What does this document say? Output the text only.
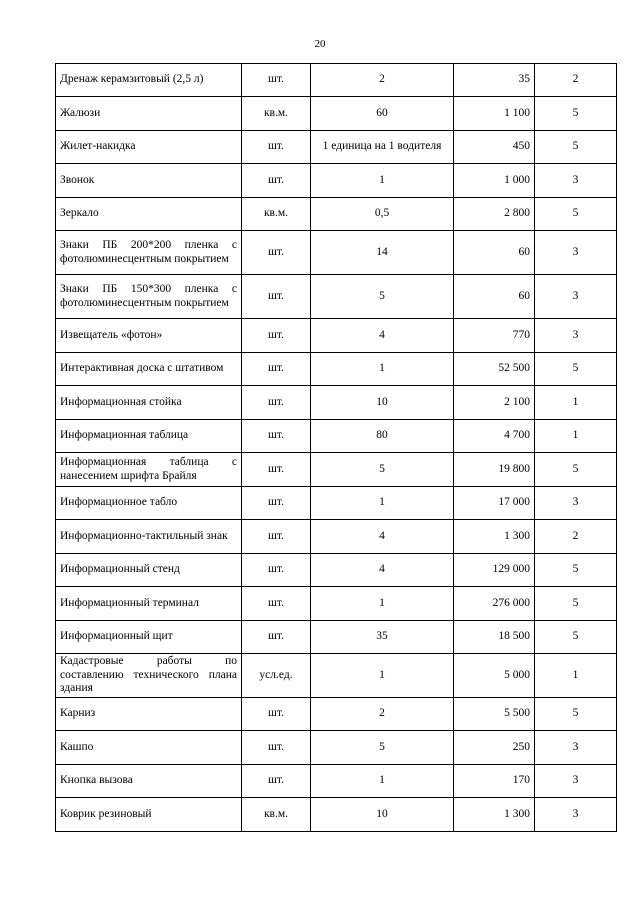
20
Дренаж керамзитовый (2,5 л)	шт.	2	35	2
Жалюзи	кв.м.	60	1 100	5
Жилет-накидка	шт.	1 единица на 1 водителя	450	5
Звонок	шт.	1	1 000	3
Зеркало	кв.м.	0,5	2 800	5
Знаки ПБ 200*200 пленка с фотолюминесцентным покрытием	шт.	14	60	3
Знаки ПБ 150*300 пленка с фотолюминесцентным покрытием	шт.	5	60	3
Извещатель «фотон»	шт.	4	770	3
Интерактивная доска с штативом	шт.	1	52 500	5
Информационная стойка	шт.	10	2 100	1
Информационная таблица	шт.	80	4 700	1
Информационная таблица с нанесением шрифта Брайля	шт.	5	19 800	5
Информационное табло	шт.	1	17 000	3
Информационно-тактильный знак	шт.	4	1 300	2
Информационный стенд	шт.	4	129 000	5
Информационный терминал	шт.	1	276 000	5
Информационный щит	шт.	35	18 500	5
Кадастровые работы по составлению технического плана здания	усл.ед.	1	5 000	1
Карниз	шт.	2	5 500	5
Кашпо	шт.	5	250	3
Кнопка вызова	шт.	1	170	3
Коврик резиновый	кв.м.	10	1 300	3
